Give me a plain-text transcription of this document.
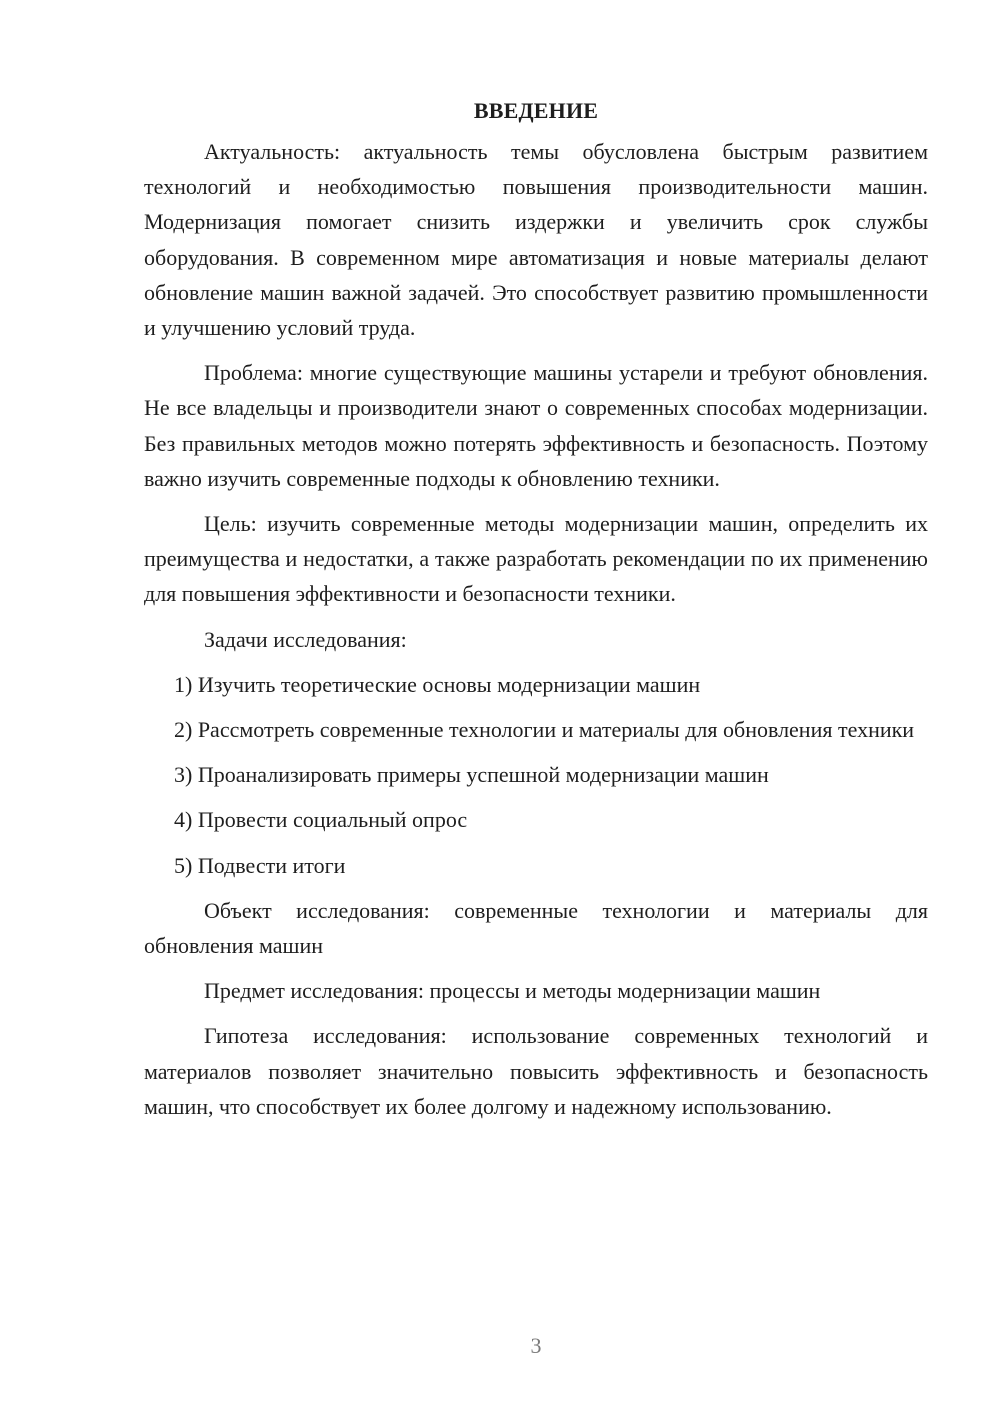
ВВЕДЕНИЕ

Актуальность: актуальность темы обусловлена быстрым развитием технологий и необходимостью повышения производительности машин. Модернизация помогает снизить издержки и увеличить срок службы оборудования. В современном мире автоматизация и новые материалы делают обновление машин важной задачей. Это способствует развитию промышленности и улучшению условий труда.

Проблема: многие существующие машины устарели и требуют обновления. Не все владельцы и производители знают о современных способах модернизации. Без правильных методов можно потерять эффективность и безопасность. Поэтому важно изучить современные подходы к обновлению техники.

Цель: изучить современные методы модернизации машин, определить их преимущества и недостатки, а также разработать рекомендации по их применению для повышения эффективности и безопасности техники.

Задачи исследования:

1) Изучить теоретические основы модернизации машин

2) Рассмотреть современные технологии и материалы для обновления техники

3) Проанализировать примеры успешной модернизации машин

4) Провести социальный опрос

5) Подвести итоги

Объект исследования: современные технологии и материалы для обновления машин

Предмет исследования: процессы и методы модернизации машин

Гипотеза исследования: использование современных технологий и материалов позволяет значительно повысить эффективность и безопасность машин, что способствует их более долгому и надежному использованию.

3
